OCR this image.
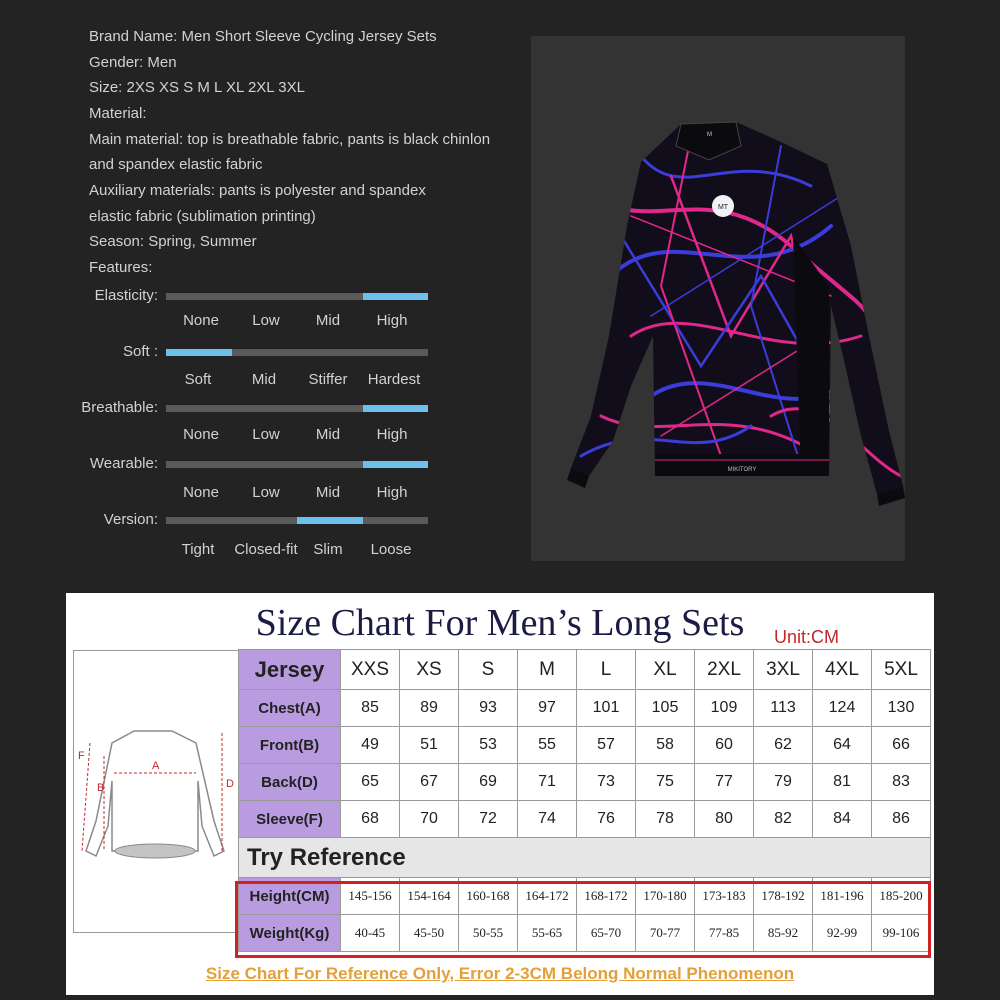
Brand Name: Men Short Sleeve Cycling Jersey Sets
Gender: Men
Size: 2XS XS S M L XL 2XL 3XL
Material:
Main material: top is breathable fabric, pants is black chinlon
and spandex elastic fabric
Auxiliary materials: pants is polyester and spandex
elastic fabric (sublimation printing)
Season: Spring, Summer
Features:
Elasticity:
None Low Mid High
Soft :
Soft	Mid Stiffer Hardest
Breathable:
None Low Mid High
Wearable:
None Low Mid High
Version:
Tight Closed-fit Slim Loose
M
MT
MIKITORY
Size Chart For Men’s Long Sets	Unit:CM
F
A
B	D
Jersey	XXS	XS	S	M	L	XL	2XL	3XL	4XL	5XL
Chest(A)	85	89	93	97	101	105	109	113	124	130
Front(B)	49	51	53	55	57	58	60	62	64	66
Back(D)	65	67	69	71	73	75	77	79	81	83
Sleeve(F)	68	70	72	74	76	78	80	82	84	86
Try Reference										
Height(CM)	145-156	154-164	160-168	164-172	168-172	170-180	173-183	178-192	181-196	185-200
Weight(Kg)	40-45	45-50	50-55	55-65	65-70	70-77	77-85	85-92	92-99	99-106
Size Chart For Reference Only, Error 2-3CM Belong Normal Phenomenon
